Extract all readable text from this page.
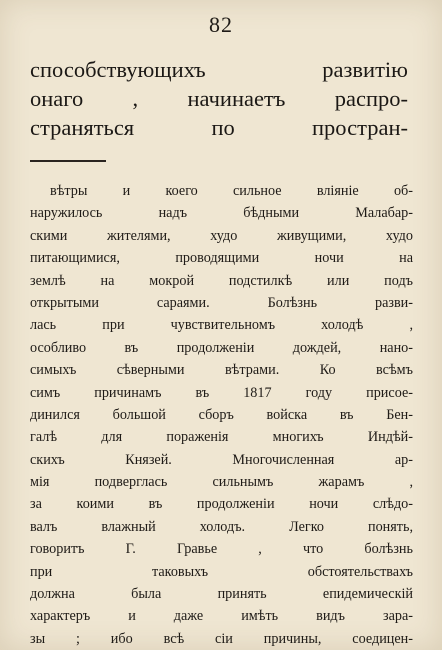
82
способствующихъ развитію
онаго , начинаетъ распро-
страняться по простран-
вѣтры и коего сильное вліяніе об-
наружилось надъ бѣдными Малабар-
скими жителями, худо живущими, худо
питающимися, проводящими ночи на
землѣ на мокрой подстилкѣ или подъ
открытыми сараями. Болѣзнь разви-
лась при чувствительномъ холодѣ ,
особливо въ продолженіи дождей, нано-
симыхъ сѣверными вѣтрами. Ко всѣмъ
симъ причинамъ въ 1817 году присое-
динился большой сборъ войска въ Бен-
галѣ для пораженія многихъ Индѣй-
скихъ Князей. Многочисленная ар-
мія подверглась сильнымъ жарамъ ,
за коими въ продолженіи ночи слѣдо-
валъ влажный холодъ. Легко понять,
говоритъ Г. Гравье , что болѣзнь
при таковыхъ обстоятельствахъ
должна была принять епидемическій
характеръ и даже имѣть видъ зара-
зы ; ибо всѣ сіи причины, соедицен-
